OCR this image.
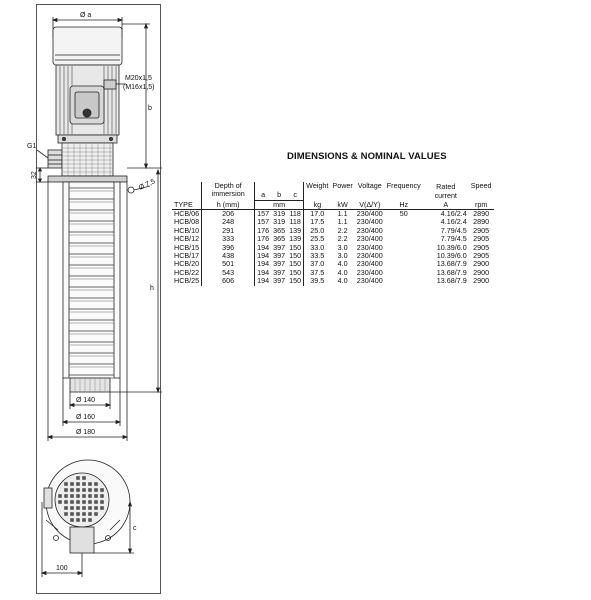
Ø a
M20x1,5
(M16x1,5)
b
G1
32
Ø 7,5
h
Ø 140
Ø 160
Ø 180
c
100
DIMENSIONS & NOMINAL VALUES
	Depth of immersion	a	b	c	Weight	Power	Voltage	Frequency	Rated current	Speed
TYPE	h (mm)		mm		kg	kW	V(Δ/Y)	Hz	A	rpm
HCB/06	206	157	319	118	17.0	1.1	230/400	50	4.16/2.4	2890
HCB/08	248	157	319	118	17.5	1.1	230/400		4.16/2.4	2890
HCB/10	291	176	365	139	25.0	2.2	230/400		7.79/4.5	2905
HCB/12	333	176	365	139	25.5	2.2	230/400		7.79/4.5	2905
HCB/15	396	194	397	150	33.0	3.0	230/400		10.39/6.0	2905
HCB/17	438	194	397	150	33.5	3.0	230/400		10.39/6.0	2905
HCB/20	501	194	397	150	37.0	4.0	230/400		13.68/7.9	2900
HCB/22	543	194	397	150	37.5	4.0	230/400		13.68/7.9	2900
HCB/25	606	194	397	150	39.5	4.0	230/400		13.68/7.9	2900
